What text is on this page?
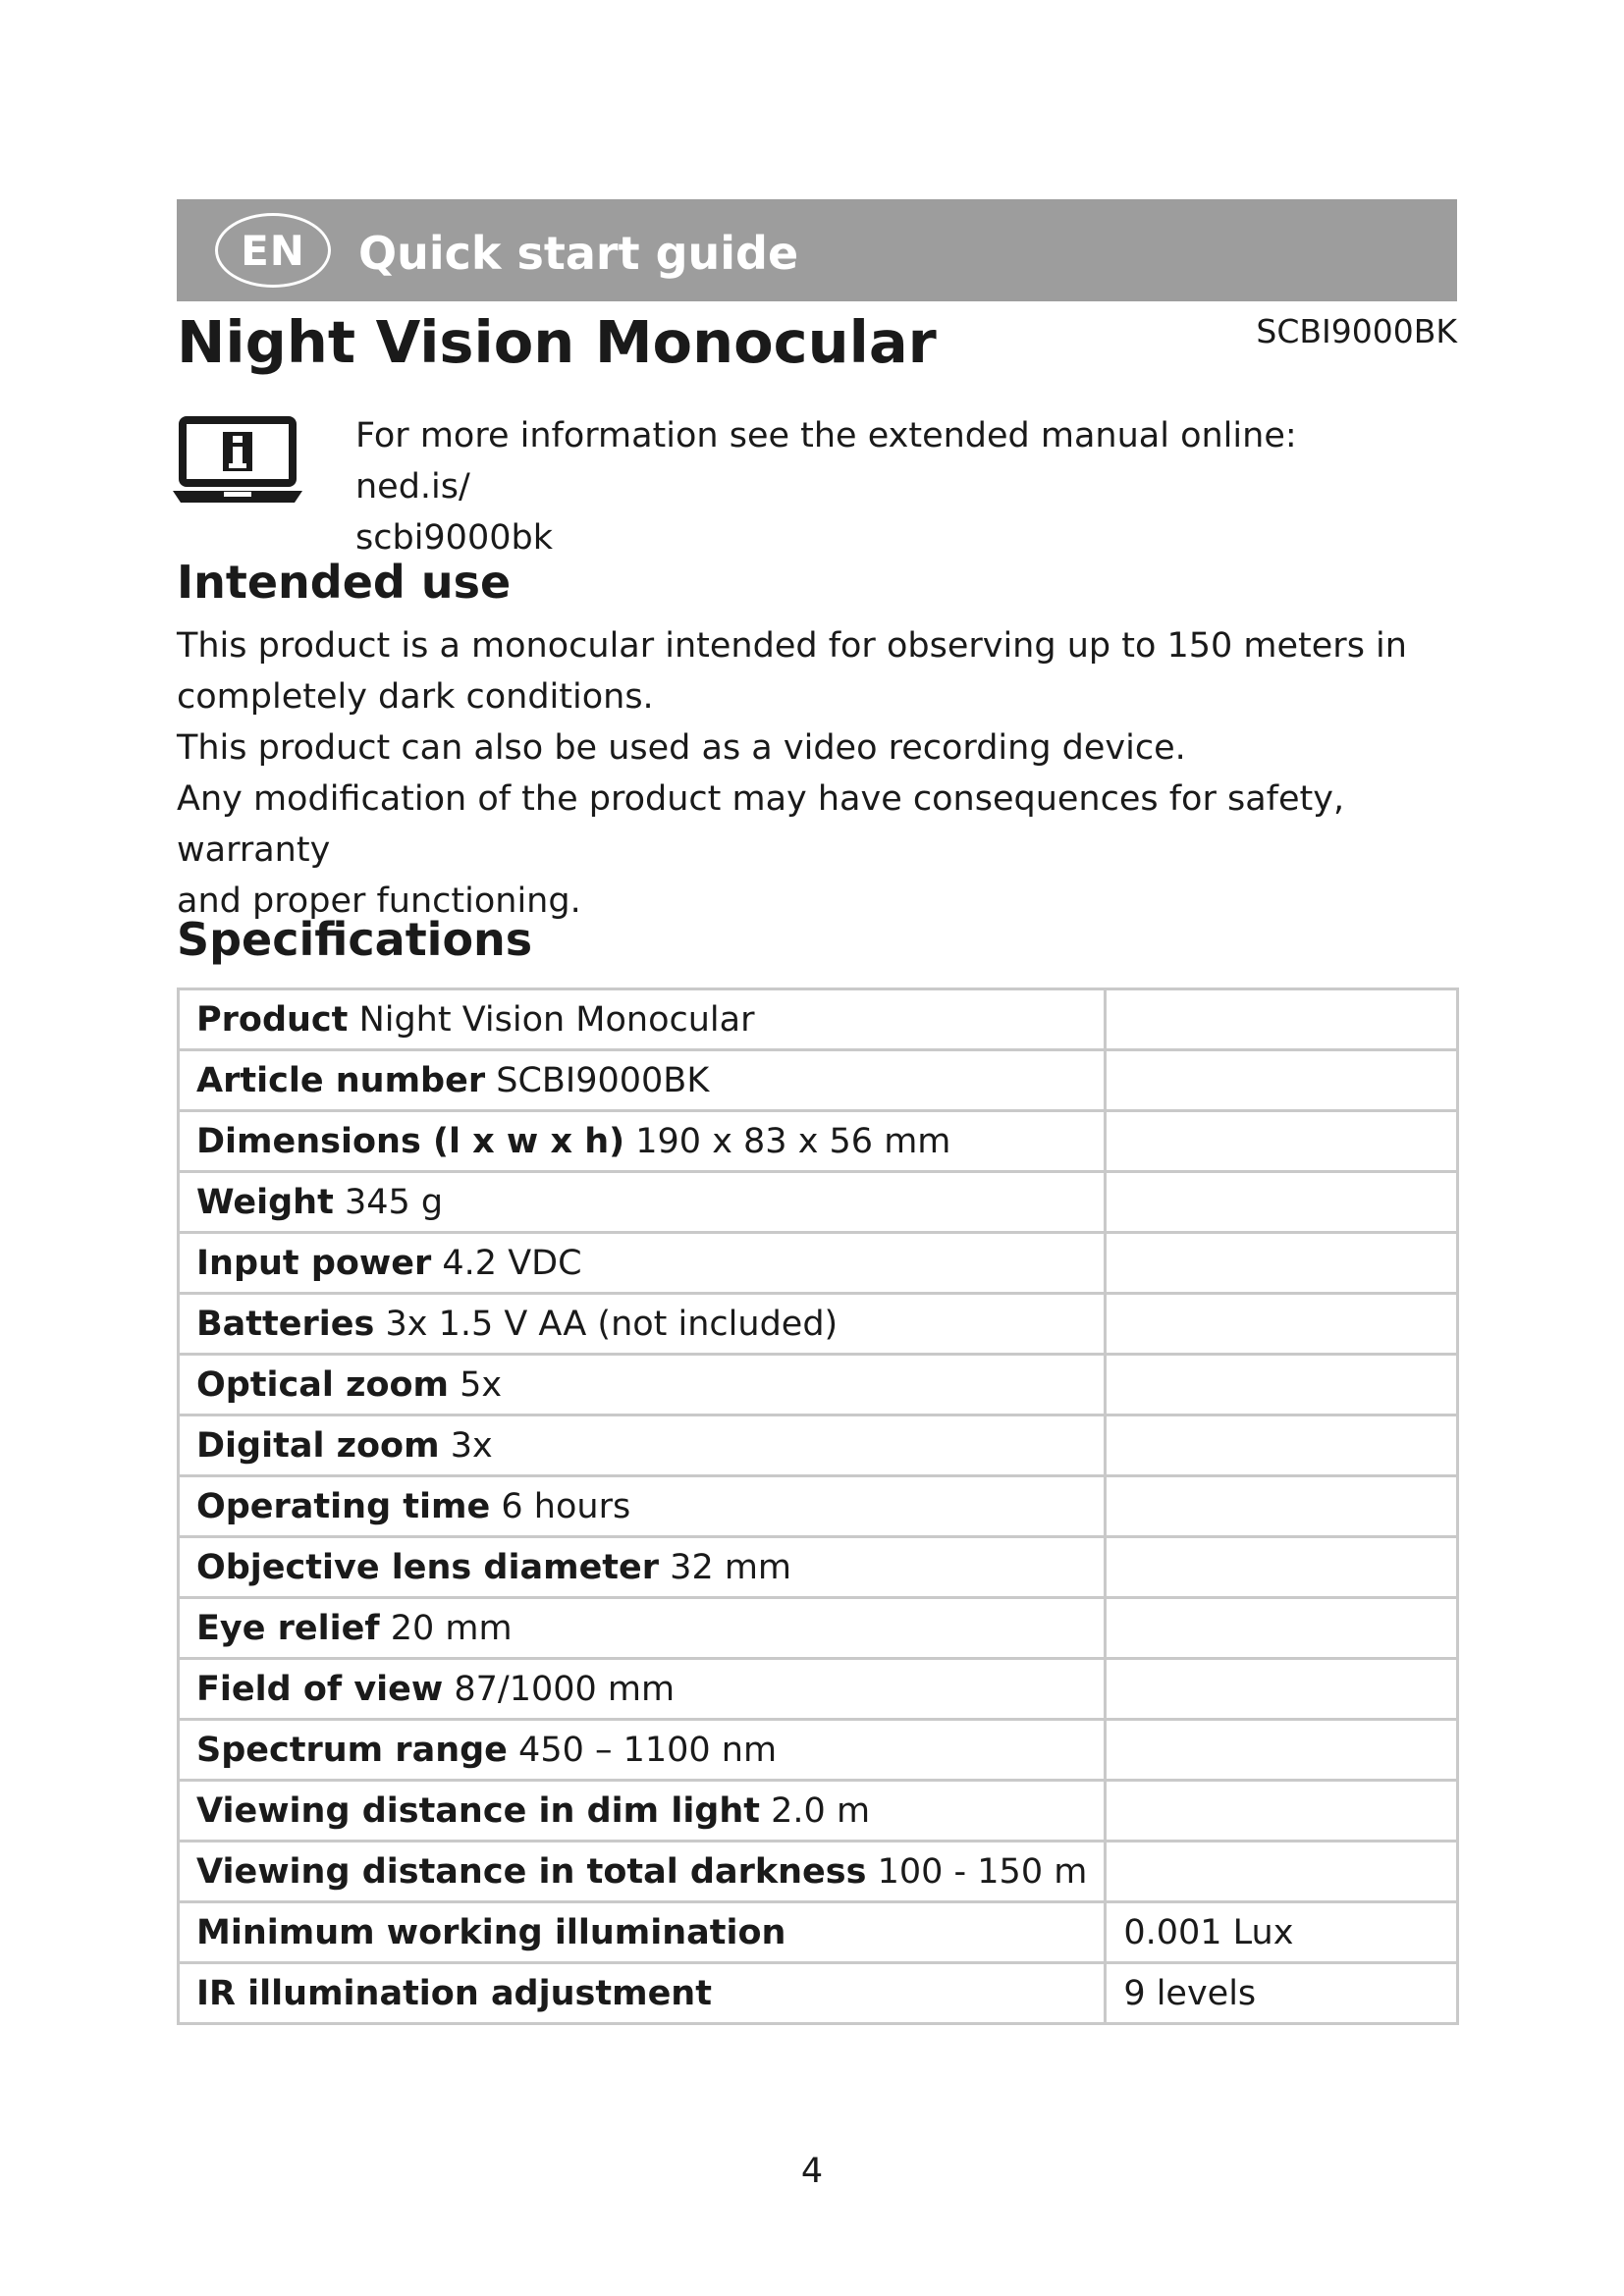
EN	Quick start guide
Night Vision Monocular	SCBI9000BK
For more information see the extended manual online: ned.is/
scbi9000bk
Intended use

This product is a monocular intended for observing up to 150 meters in

completely dark conditions.

This product can also be used as a video recording device.

Any modification of the product may have consequences for safety, warranty

and proper functioning.

Specifications
Product Night Vision Monocular	
Article number SCBI9000BK	
Dimensions (l x w x h) 190 x 83 x 56 mm	
Weight 345 g	
Input power 4.2 VDC	
Batteries 3x 1.5 V AA (not included)	
Optical zoom 5x	
Digital zoom 3x	
Operating time 6 hours	
Objective lens diameter 32 mm	
Eye relief 20 mm	
Field of view 87/1000 mm	
Spectrum range 450 – 1100 nm	
Viewing distance in dim light 2.0 m	
Viewing distance in total darkness 100 - 150 m	
Minimum working illumination	0.001 Lux
IR illumination adjustment	9 levels
4
